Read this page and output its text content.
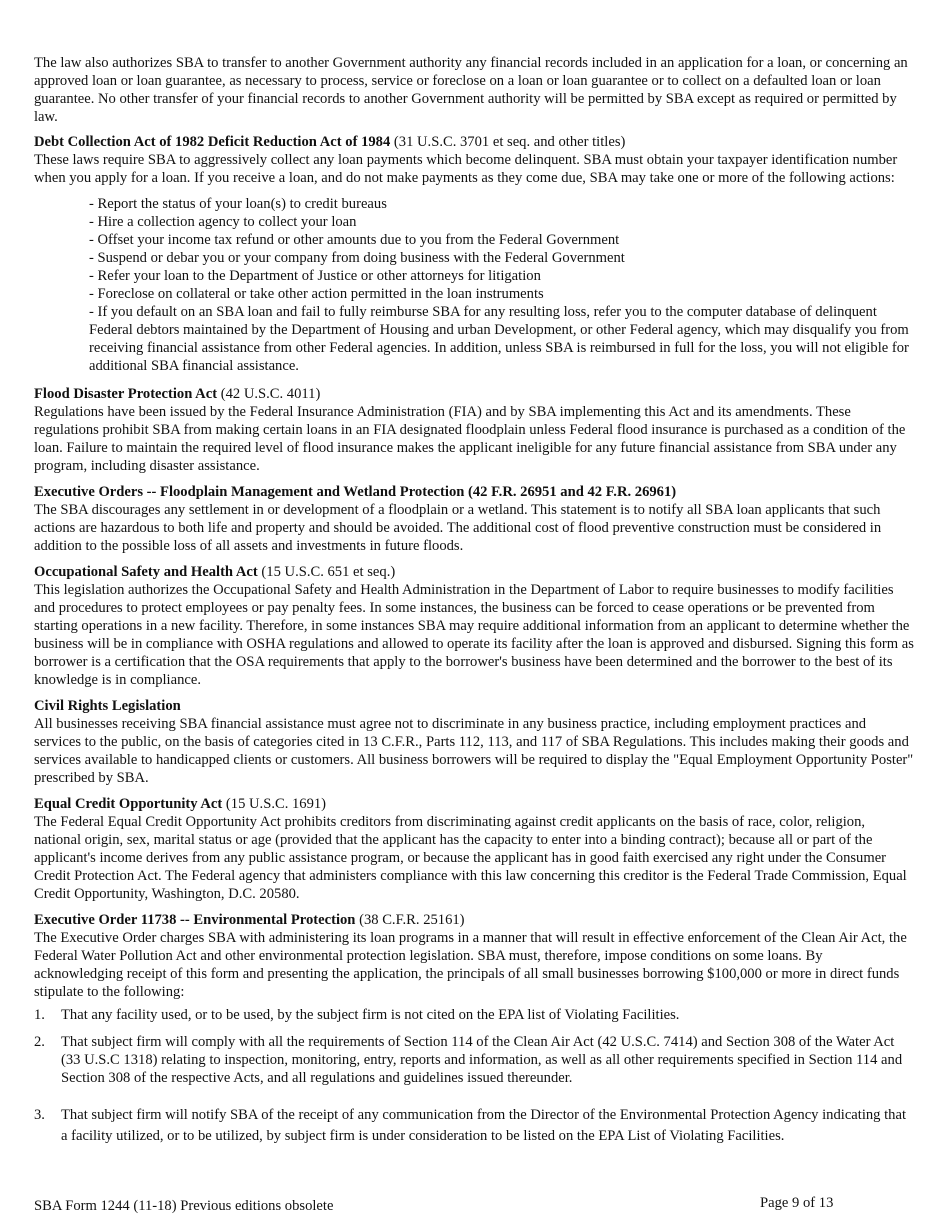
The law also authorizes SBA to transfer to another Government authority any financial records included in an application for a loan, or concerning an approved loan or loan guarantee, as necessary to process, service or foreclose on a loan or loan guarantee or to collect on a defaulted loan or loan guarantee. No other transfer of your financial records to another Government authority will be permitted by SBA except as required or permitted by law.

Debt Collection Act of 1982 Deficit Reduction Act of 1984 (31 U.S.C. 3701 et seq. and other titles)

These laws require SBA to aggressively collect any loan payments which become delinquent. SBA must obtain your taxpayer identification number when you apply for a loan. If you receive a loan, and do not make payments as they come due, SBA may take one or more of the following actions:

- Report the status of your loan(s) to credit bureaus
- Hire a collection agency to collect your loan
- Offset your income tax refund or other amounts due to you from the Federal Government
- Suspend or debar you or your company from doing business with the Federal Government
- Refer your loan to the Department of Justice or other attorneys for litigation
- Foreclose on collateral or take other action permitted in the loan instruments
- If you default on an SBA loan and fail to fully reimburse SBA for any resulting loss, refer you to the computer database of delinquent Federal debtors maintained by the Department of Housing and urban Development, or other Federal agency, which may disqualify you from receiving financial assistance from other Federal agencies. In addition, unless SBA is reimbursed in full for the loss, you will not eligible for additional SBA financial assistance.

Flood Disaster Protection Act (42 U.S.C. 4011)

Regulations have been issued by the Federal Insurance Administration (FIA) and by SBA implementing this Act and its amendments. These regulations prohibit SBA from making certain loans in an FIA designated floodplain unless Federal flood insurance is purchased as a condition of the loan. Failure to maintain the required level of flood insurance makes the applicant ineligible for any future financial assistance from SBA under any program, including disaster assistance.

Executive Orders -- Floodplain Management and Wetland Protection (42 F.R. 26951 and 42 F.R. 26961)

The SBA discourages any settlement in or development of a floodplain or a wetland. This statement is to notify all SBA loan applicants that such actions are hazardous to both life and property and should be avoided. The additional cost of flood preventive construction must be considered in addition to the possible loss of all assets and investments in future floods.

Occupational Safety and Health Act (15 U.S.C. 651 et seq.)

This legislation authorizes the Occupational Safety and Health Administration in the Department of Labor to require businesses to modify facilities and procedures to protect employees or pay penalty fees. In some instances, the business can be forced to cease operations or be prevented from starting operations in a new facility. Therefore, in some instances SBA may require additional information from an applicant to determine whether the business will be in compliance with OSHA regulations and allowed to operate its facility after the loan is approved and disbursed. Signing this form as borrower is a certification that the OSA requirements that apply to the borrower's business have been determined and the borrower to the best of its knowledge is in compliance.

Civil Rights Legislation

All businesses receiving SBA financial assistance must agree not to discriminate in any business practice, including employment practices and services to the public, on the basis of categories cited in 13 C.F.R., Parts 112, 113, and 117 of SBA Regulations. This includes making their goods and services available to handicapped clients or customers. All business borrowers will be required to display the "Equal Employment Opportunity Poster" prescribed by SBA.

Equal Credit Opportunity Act (15 U.S.C. 1691)

The Federal Equal Credit Opportunity Act prohibits creditors from discriminating against credit applicants on the basis of race, color, religion, national origin, sex, marital status or age (provided that the applicant has the capacity to enter into a binding contract); because all or part of the applicant's income derives from any public assistance program, or because the applicant has in good faith exercised any right under the Consumer Credit Protection Act. The Federal agency that administers compliance with this law concerning this creditor is the Federal Trade Commission, Equal Credit Opportunity, Washington, D.C. 20580.

Executive Order 11738 -- Environmental Protection (38 C.F.R. 25161)

The Executive Order charges SBA with administering its loan programs in a manner that will result in effective enforcement of the Clean Air Act, the Federal Water Pollution Act and other environmental protection legislation. SBA must, therefore, impose conditions on some loans. By acknowledging receipt of this form and presenting the application, the principals of all small businesses borrowing $100,000 or more in direct funds stipulate to the following:

1. That any facility used, or to be used, by the subject firm is not cited on the EPA list of Violating Facilities.
2. That subject firm will comply with all the requirements of Section 114 of the Clean Air Act (42 U.S.C. 7414) and Section 308 of the Water Act (33 U.S.C 1318) relating to inspection, monitoring, entry, reports and information, as well as all other requirements specified in Section 114 and Section 308 of the respective Acts, and all regulations and guidelines issued thereunder.
3. That subject firm will notify SBA of the receipt of any communication from the Director of the Environmental Protection Agency indicating that a facility utilized, or to be utilized, by subject firm is under consideration to be listed on the EPA List of Violating Facilities.
SBA Form 1244 (11-18) Previous editions obsolete	Page 9 of 13
